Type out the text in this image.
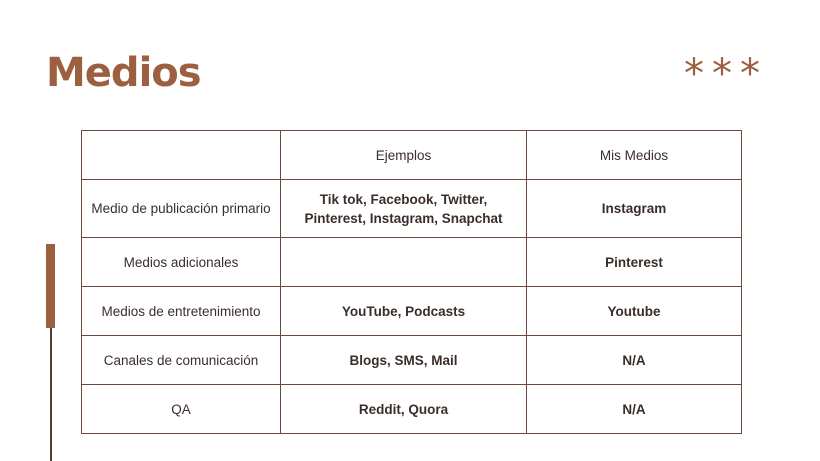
Medios	***
	Ejemplos	Mis Medios
Medio de publicación primario	Tik tok, Facebook, Twitter, Pinterest, Instagram, Snapchat	Instagram
Medios adicionales		Pinterest
Medios de entretenimiento	YouTube, Podcasts	Youtube
Canales de comunicación	Blogs, SMS, Mail	N/A
QA	Reddit, Quora	N/A
